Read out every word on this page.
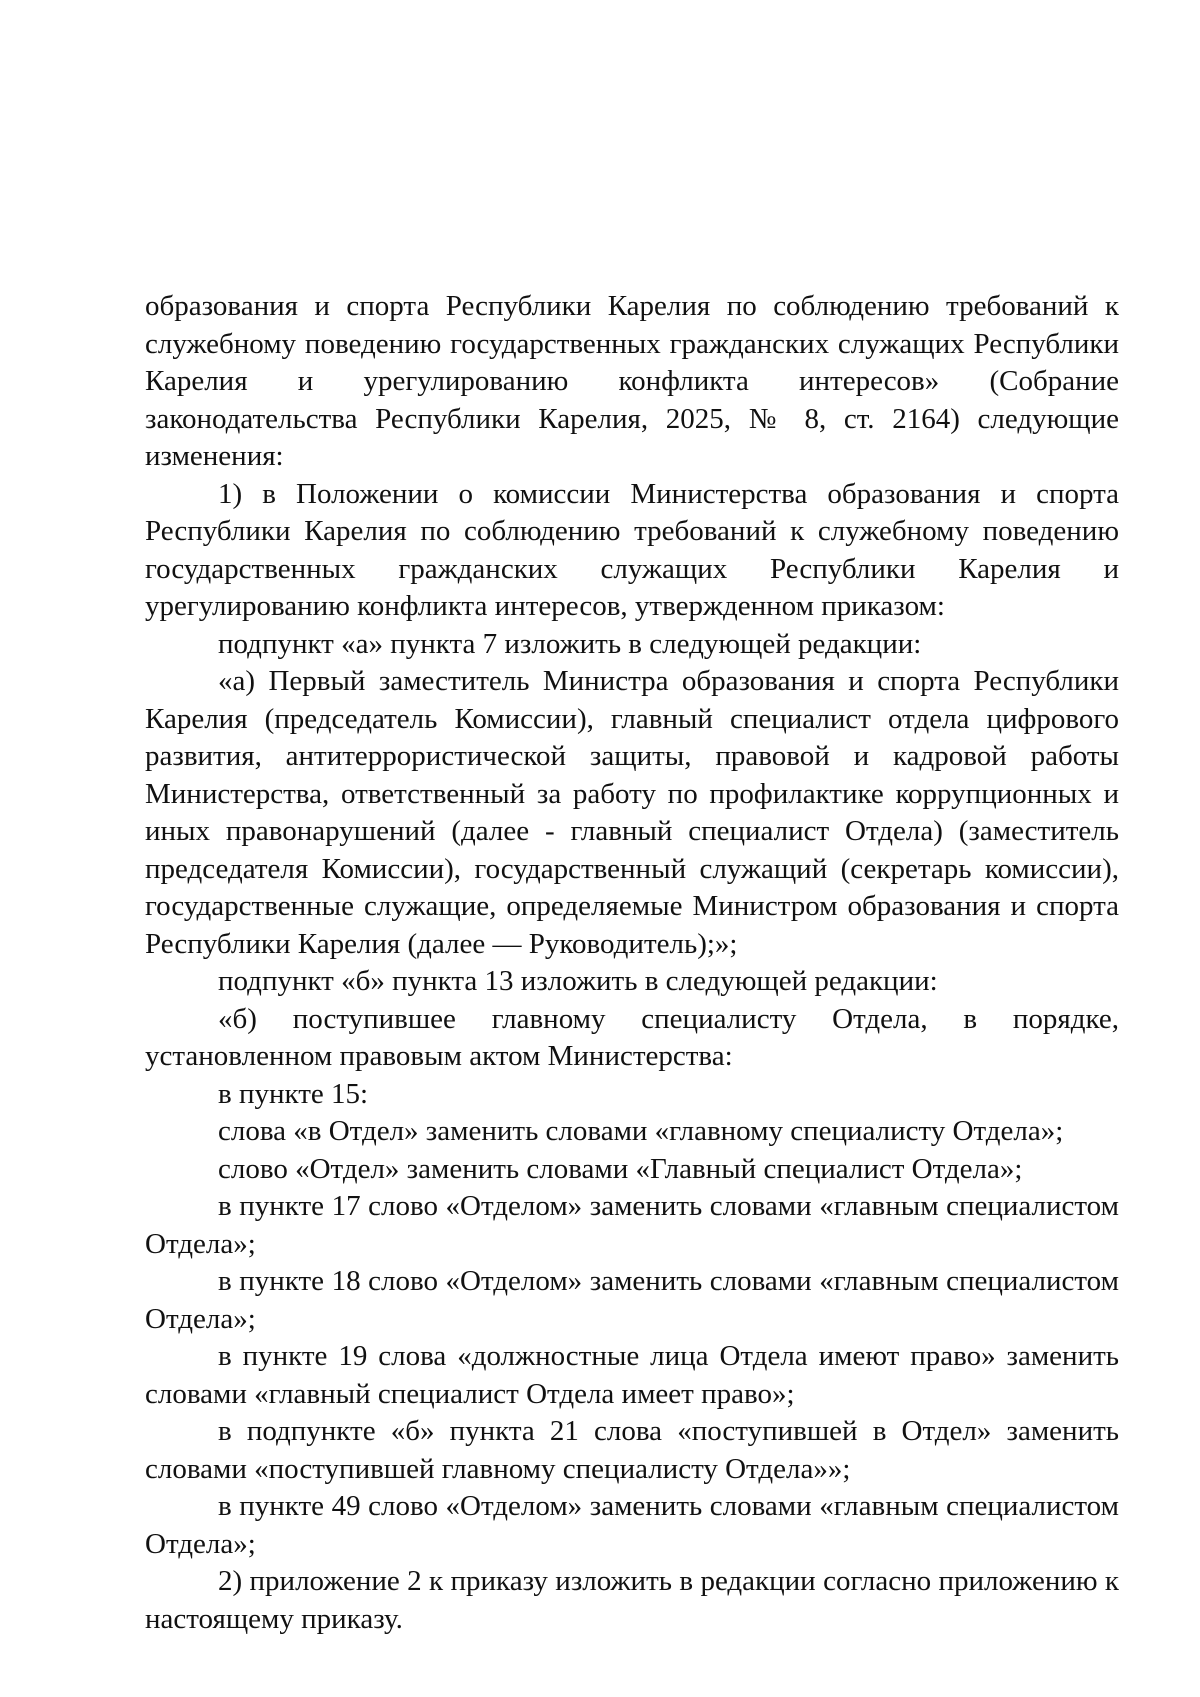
образования и спорта Республики Карелия по соблюдению требований к служебному поведению государственных гражданских служащих Республики Карелия и урегулированию конфликта интересов» (Собрание законодательства Республики Карелия, 2025, № 8, ст. 2164) следующие изменения:

1) в Положении о комиссии Министерства образования и спорта Республики Карелия по соблюдению требований к служебному поведению государственных гражданских служащих Республики Карелия и урегулированию конфликта интересов, утвержденном приказом:

подпункт «а» пункта 7 изложить в следующей редакции:

«а) Первый заместитель Министра образования и спорта Республики Карелия (председатель Комиссии), главный специалист отдела цифрового развития, антитеррористической защиты, правовой и кадровой работы Министерства, ответственный за работу по профилактике коррупционных и иных правонарушений (далее - главный специалист Отдела) (заместитель председателя Комиссии), государственный служащий (секретарь комиссии), государственные служащие, определяемые Министром образования и спорта Республики Карелия (далее — Руководитель);»;

подпункт «б» пункта 13 изложить в следующей редакции:

«б) поступившее главному специалисту Отдела, в порядке, установленном правовым актом Министерства:

в пункте 15:

слова «в Отдел» заменить словами «главному специалисту Отдела»;

слово «Отдел» заменить словами «Главный специалист Отдела»;

в пункте 17 слово «Отделом» заменить словами «главным специалистом Отдела»;

в пункте 18 слово «Отделом» заменить словами «главным специалистом Отдела»;

в пункте 19 слова «должностные лица Отдела имеют право» заменить словами «главный специалист Отдела имеет право»;

в подпункте «б» пункта 21 слова «поступившей в Отдел» заменить словами «поступившей главному специалисту Отдела»»;

в пункте 49 слово «Отделом» заменить словами «главным специалистом Отдела»;

2) приложение 2 к приказу изложить в редакции согласно приложению к настоящему приказу.
